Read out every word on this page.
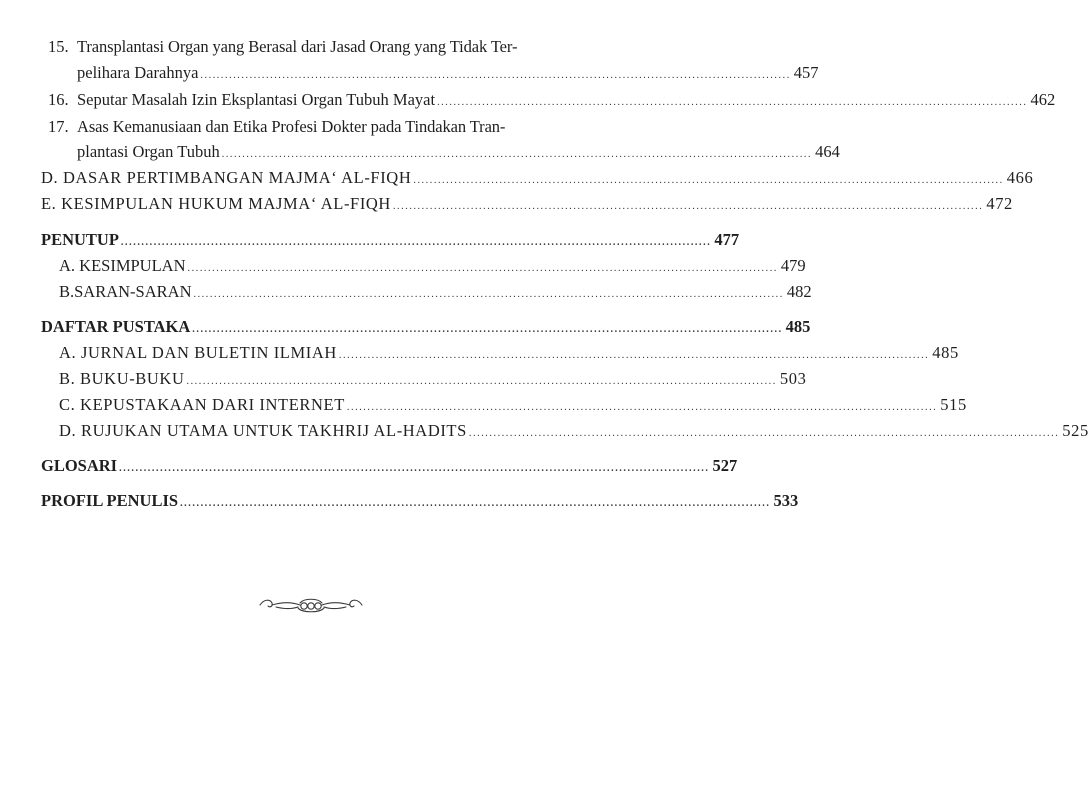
15. Transplantasi Organ yang Berasal dari Jasad Orang yang Tidak Ter-
pelihara Darahnya ................................................................................................................................................ 457
16. Seputar Masalah Izin Eksplantasi Organ Tubuh Mayat ................................................................................................................................................ 462
17. Asas Kemanusiaan dan Etika Profesi Dokter pada Tindakan Tran-
plantasi Organ Tubuh ................................................................................................................................................ 464
D. DASAR PERTIMBANGAN MAJMA‘ AL-FIQH ................................................................................................................................................ 466
E. KESIMPULAN HUKUM MAJMA‘ AL-FIQH ................................................................................................................................................ 472
PENUTUP ................................................................................................................................................ 477
A. KESIMPULAN ................................................................................................................................................ 479
B.SARAN-SARAN ................................................................................................................................................ 482
DAFTAR PUSTAKA ................................................................................................................................................ 485
A. JURNAL DAN BULETIN ILMIAH ................................................................................................................................................ 485
B. BUKU-BUKU ................................................................................................................................................ 503
C. KEPUSTAKAAN DARI INTERNET ................................................................................................................................................ 515
D. RUJUKAN UTAMA UNTUK TAKHRIJ AL-HADITS ................................................................................................................................................ 525
GLOSARI ................................................................................................................................................ 527
PROFIL PENULIS ................................................................................................................................................ 533
